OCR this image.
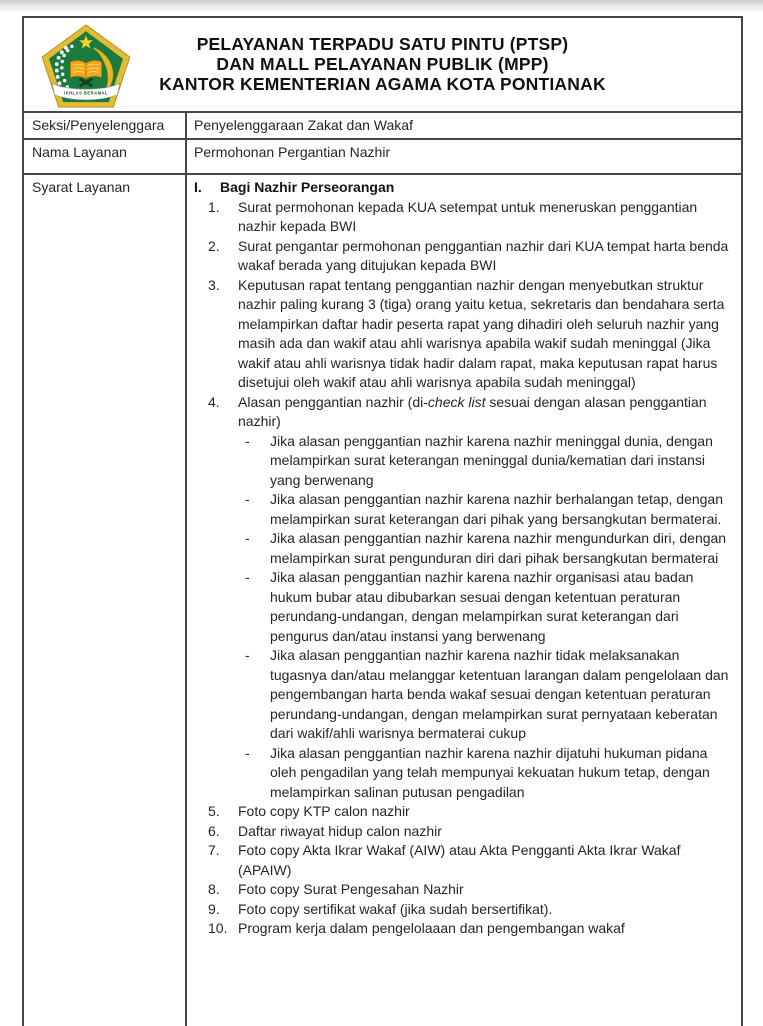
IKHLAS BERAMAL
PELAYANAN TERPADU SATU PINTU (PTSP)
DAN MALL PELAYANAN PUBLIK (MPP)
KANTOR KEMENTERIAN AGAMA KOTA PONTIANAK
Seksi/Penyelenggara	Penyelenggaraan Zakat dan Wakaf
Nama Layanan	Permohonan Pergantian Nazhir
Syarat Layanan	I.	Bagi Nazhir Perseorangan
1.	Surat permohonan kepada KUA setempat untuk meneruskan penggantian nazhir kepada BWI
2.	Surat pengantar permohonan penggantian nazhir dari KUA tempat harta benda wakaf berada yang ditujukan kepada BWI
3.	Keputusan rapat tentang penggantian nazhir dengan menyebutkan struktur nazhir paling kurang 3 (tiga) orang yaitu ketua, sekretaris dan bendahara serta melampirkan daftar hadir peserta rapat yang dihadiri oleh seluruh nazhir yang masih ada dan wakif atau ahli warisnya apabila wakif sudah meninggal (Jika wakif atau ahli warisnya tidak hadir dalam rapat, maka keputusan rapat harus disetujui oleh wakif atau ahli warisnya apabila sudah meninggal)
4.	Alasan penggantian nazhir (di-check list sesuai dengan alasan penggantian nazhir)
-	Jika alasan penggantian nazhir karena nazhir meninggal dunia, dengan melampirkan surat keterangan meninggal dunia/kematian dari instansi yang berwenang
-	Jika alasan penggantian nazhir karena nazhir berhalangan tetap, dengan melampirkan surat keterangan dari pihak yang bersangkutan bermaterai.
-	Jika alasan penggantian nazhir karena nazhir mengundurkan diri, dengan melampirkan surat pengunduran diri dari pihak bersangkutan bermaterai
-	Jika alasan penggantian nazhir karena nazhir organisasi atau badan hukum bubar atau dibubarkan sesuai dengan ketentuan peraturan perundang-undangan, dengan melampirkan surat keterangan dari pengurus dan/atau instansi yang berwenang
-	Jika alasan penggantian nazhir karena nazhir tidak melaksanakan tugasnya dan/atau melanggar ketentuan larangan dalam pengelolaan dan pengembangan harta benda wakaf sesuai dengan ketentuan peraturan perundang-undangan, dengan melampirkan surat pernyataan keberatan dari wakif/ahli warisnya bermaterai cukup
-	Jika alasan penggantian nazhir karena nazhir dijatuhi hukuman pidana oleh pengadilan yang telah mempunyai kekuatan hukum tetap, dengan melampirkan salinan putusan pengadilan
5.	Foto copy KTP calon nazhir
6.	Daftar riwayat hidup calon nazhir
7.	Foto copy Akta Ikrar Wakaf (AIW) atau Akta Pengganti Akta Ikrar Wakaf (APAIW)
8.	Foto copy Surat Pengesahan Nazhir
9.	Foto copy sertifikat wakaf (jika sudah bersertifikat).
10. Program kerja dalam pengelolaaan dan pengembangan wakaf
